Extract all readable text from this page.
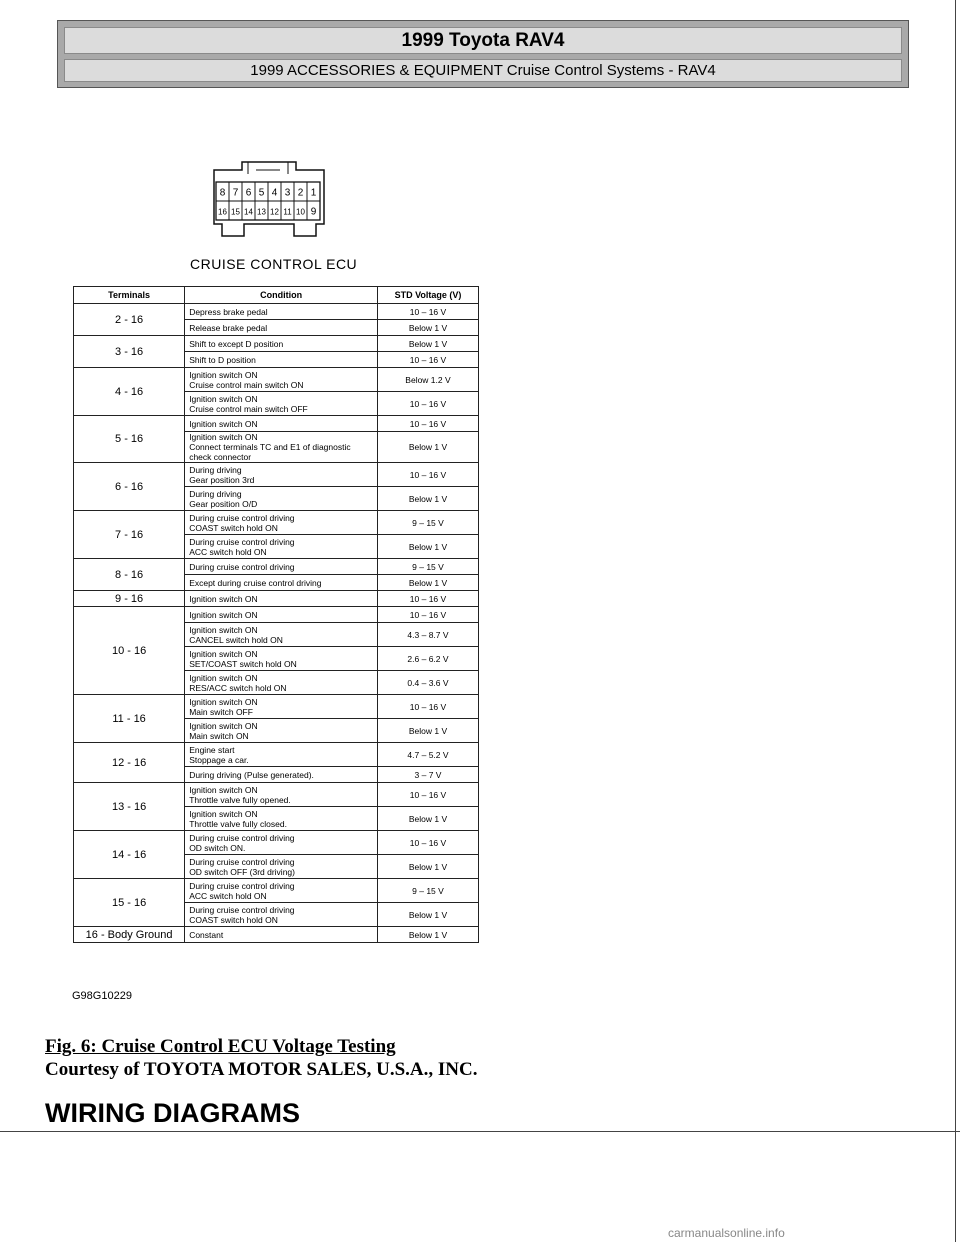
1999 Toyota RAV4
1999 ACCESSORIES & EQUIPMENT Cruise Control Systems - RAV4
8 7 6 5 4 3 2 1
16 15 14 13 12 11 10 9
CRUISE CONTROL ECU
Terminals	Condition	STD Voltage (V)
2 - 16	Depress brake pedal	10 – 16 V
	Release brake pedal	Below 1 V
3 - 16	Shift to except D position	Below 1 V
	Shift to D position	10 – 16 V
4 - 16	Ignition switch ON
Cruise control main switch ON	Below 1.2 V
	Ignition switch ON
Cruise control main switch OFF	10 – 16 V
5 - 16	Ignition switch ON	10 – 16 V
	Ignition switch ON
Connect terminals TC and E1 of diagnostic
check connector	Below 1 V
6 - 16	During driving
Gear position 3rd	10 – 16 V
	During driving
Gear position O/D	Below 1 V
7 - 16	During cruise control driving
COAST switch hold ON	9 – 15 V
	During cruise control driving
ACC switch hold ON	Below 1 V
8 - 16	During cruise control driving	9 – 15 V
	Except during cruise control driving	Below 1 V
9 - 16	Ignition switch ON	10 – 16 V
10 - 16	Ignition switch ON	10 – 16 V
	Ignition switch ON
CANCEL switch hold ON	4.3 – 8.7 V
	Ignition switch ON
SET/COAST switch hold ON	2.6 – 6.2 V
	Ignition switch ON
RES/ACC switch hold ON	0.4 – 3.6 V
11 - 16	Ignition switch ON
Main switch OFF	10 – 16 V
	Ignition switch ON
Main switch ON	Below 1 V
12 - 16	Engine start
Stoppage a car.	4.7 – 5.2 V
	During driving (Pulse generated).	3 – 7 V
13 - 16	Ignition switch ON
Throttle valve fully opened.	10 – 16 V
	Ignition switch ON
Throttle valve fully closed.	Below 1 V
14 - 16	During cruise control driving
OD switch ON.	10 – 16 V
	During cruise control driving
OD switch OFF (3rd driving)	Below 1 V
15 - 16	During cruise control driving
ACC switch hold ON	9 – 15 V
	During cruise control driving
COAST switch hold ON	Below 1 V
16 - Body Ground	Constant	Below 1 V
G98G10229
Fig. 6: Cruise Control ECU Voltage Testing
Courtesy of TOYOTA MOTOR SALES, U.S.A., INC.
WIRING DIAGRAMS
carmanualsonline.info
